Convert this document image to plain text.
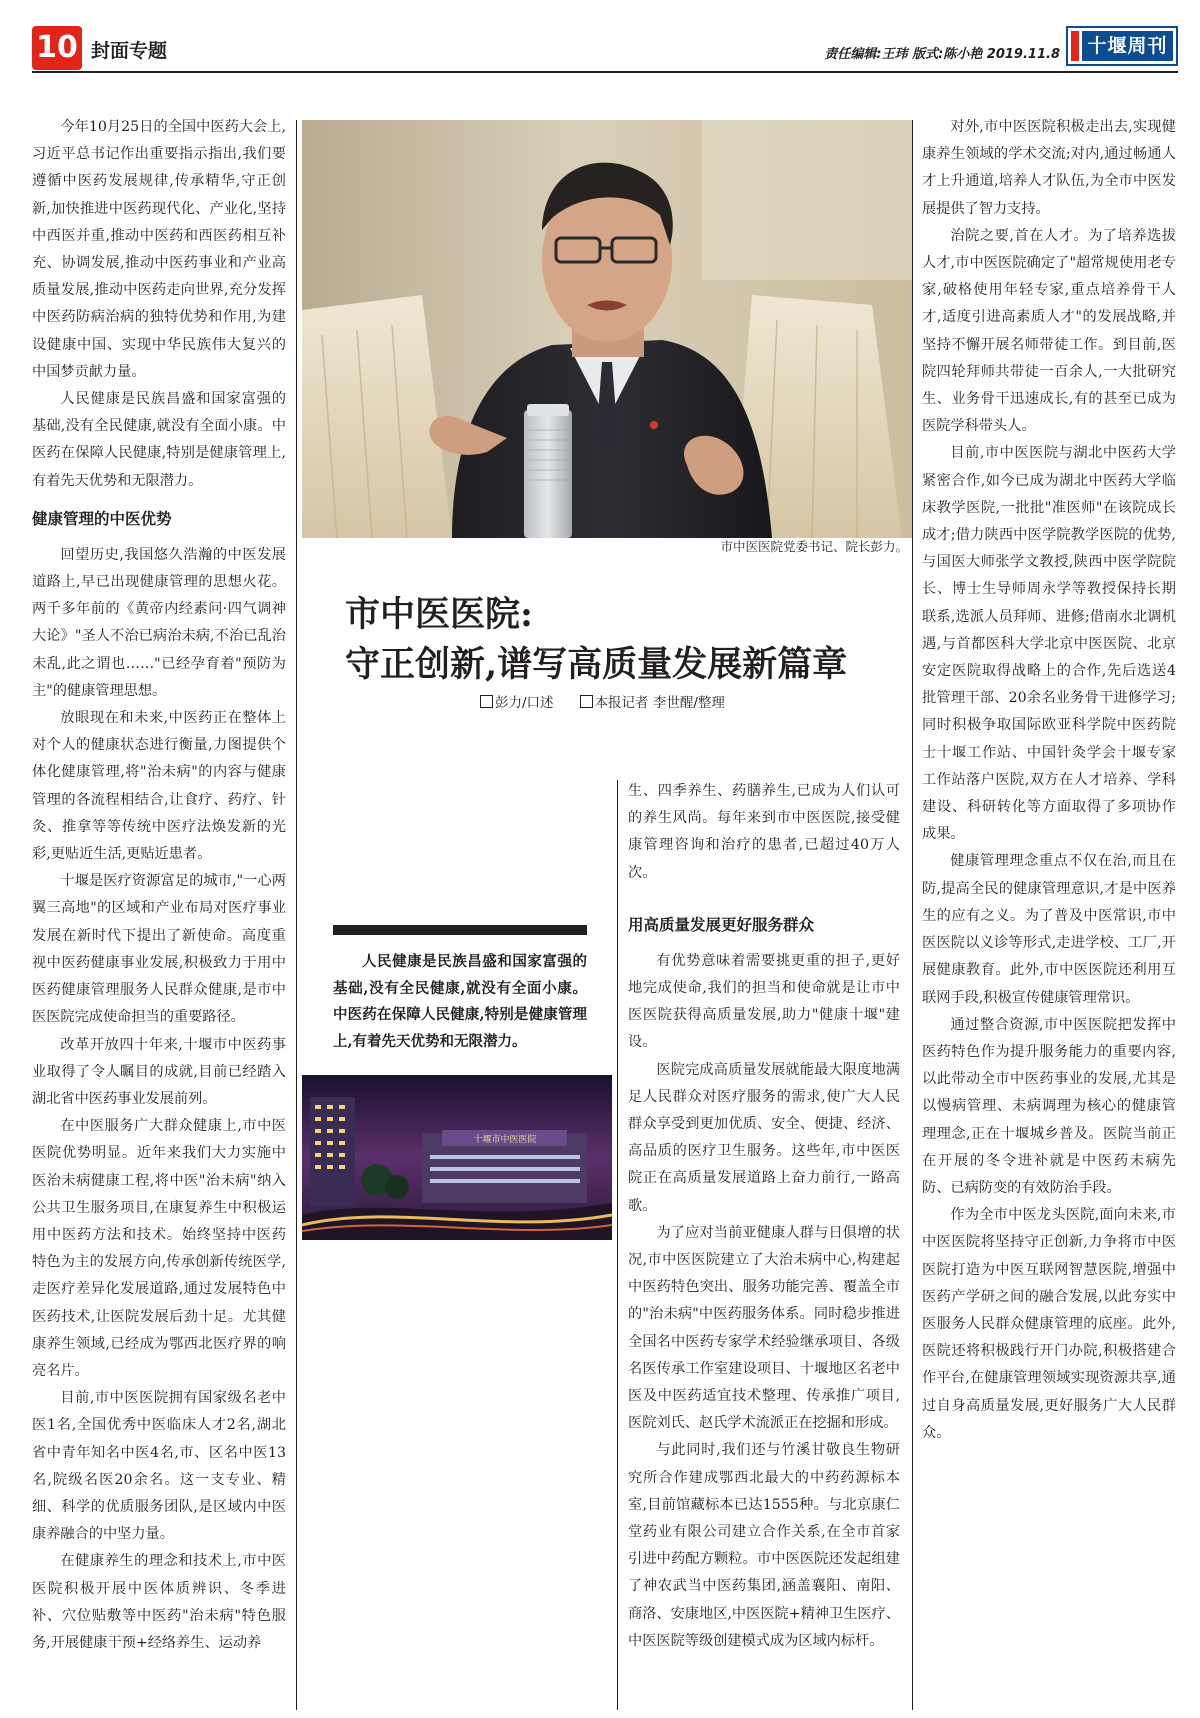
10 封面专题	责任编辑:王玮 版式:陈小艳 2019.11.8 十堰周刊

今年10月25日的全国中医药大会上,习近平总书记作出重要指示指出,我们要遵循中医药发展规律,传承精华,守正创新,加快推进中医药现代化、产业化,坚持中西医并重,推动中医药和西医药相互补充、协调发展,推动中医药事业和产业高质量发展,推动中医药走向世界,充分发挥中医药防病治病的独特优势和作用,为建设健康中国、实现中华民族伟大复兴的中国梦贡献力量。

人民健康是民族昌盛和国家富强的基础,没有全民健康,就没有全面小康。中医药在保障人民健康,特别是健康管理上,有着先天优势和无限潜力。

健康管理的中医优势

回望历史,我国悠久浩瀚的中医发展道路上,早已出现健康管理的思想火花。两千多年前的《黄帝内经素问·四气调神大论》"圣人不治已病治未病,不治已乱治未乱,此之谓也……"已经孕育着"预防为主"的健康管理思想。

放眼现在和未来,中医药正在整体上对个人的健康状态进行衡量,力图提供个体化健康管理,将"治未病"的内容与健康管理的各流程相结合,让食疗、药疗、针灸、推拿等等传统中医疗法焕发新的光彩,更贴近生活,更贴近患者。

十堰是医疗资源富足的城市,"一心两翼三高地"的区域和产业布局对医疗事业发展在新时代下提出了新使命。高度重视中医药健康事业发展,积极致力于用中医药健康管理服务人民群众健康,是市中医医院完成使命担当的重要路径。

改革开放四十年来,十堰市中医药事业取得了令人瞩目的成就,目前已经踏入湖北省中医药事业发展前列。

在中医服务广大群众健康上,市中医医院优势明显。近年来我们大力实施中医治未病健康工程,将中医"治未病"纳入公共卫生服务项目,在康复养生中积极运用中医药方法和技术。始终坚持中医药特色为主的发展方向,传承创新传统医学,走医疗差异化发展道路,通过发展特色中医药技术,让医院发展后劲十足。尤其健康养生领域,已经成为鄂西北医疗界的响亮名片。

目前,市中医医院拥有国家级名老中医1名,全国优秀中医临床人才2名,湖北省中青年知名中医4名,市、区名中医13名,院级名医20余名。这一支专业、精细、科学的优质服务团队,是区域内中医康养融合的中坚力量。

在健康养生的理念和技术上,市中医医院积极开展中医体质辨识、冬季进补、穴位贴敷等中医药"治未病"特色服务,开展健康干预+经络养生、运动养

市中医医院党委书记、院长彭力。
市中医医院:
守正创新,谱写高质量发展新篇章
彭力/口述	本报记者 李世醒/整理
人民健康是民族昌盛和国家富强的基础,没有全民健康,就没有全面小康。中医药在保障人民健康,特别是健康管理上,有着先天优势和无限潜力。
十堰市中医医院

生、四季养生、药膳养生,已成为人们认可的养生风尚。每年来到市中医医院,接受健康管理咨询和治疗的患者,已超过40万人次。

用高质量发展更好服务群众

有优势意味着需要挑更重的担子,更好地完成使命,我们的担当和使命就是让市中医医院获得高质量发展,助力"健康十堰"建设。

医院完成高质量发展就能最大限度地满足人民群众对医疗服务的需求,使广大人民群众享受到更加优质、安全、便捷、经济、高品质的医疗卫生服务。这些年,市中医医院正在高质量发展道路上奋力前行,一路高歌。

为了应对当前亚健康人群与日俱增的状况,市中医医院建立了大治未病中心,构建起中医药特色突出、服务功能完善、覆盖全市的"治未病"中医药服务体系。同时稳步推进全国名中医药专家学术经验继承项目、各级名医传承工作室建设项目、十堰地区名老中医及中医药适宜技术整理、传承推广项目,医院刘氏、赵氏学术流派正在挖掘和形成。

与此同时,我们还与竹溪甘敬良生物研究所合作建成鄂西北最大的中药药源标本室,目前馆藏标本已达1555种。与北京康仁堂药业有限公司建立合作关系,在全市首家引进中药配方颗粒。市中医医院还发起组建了神农武当中医药集团,涵盖襄阳、南阳、商洛、安康地区,中医医院+精神卫生医疗、中医医院等级创建模式成为区域内标杆。

对外,市中医医院积极走出去,实现健康养生领域的学术交流;对内,通过畅通人才上升通道,培养人才队伍,为全市中医发展提供了智力支持。

治院之要,首在人才。为了培养选拔人才,市中医医院确定了"超常规使用老专家,破格使用年轻专家,重点培养骨干人才,适度引进高素质人才"的发展战略,并坚持不懈开展名师带徒工作。到目前,医院四轮拜师共带徒一百余人,一大批研究生、业务骨干迅速成长,有的甚至已成为医院学科带头人。

目前,市中医医院与湖北中医药大学紧密合作,如今已成为湖北中医药大学临床教学医院,一批批"准医师"在该院成长成才;借力陕西中医学院教学医院的优势,与国医大师张学文教授,陕西中医学院院长、博士生导师周永学等教授保持长期联系,选派人员拜师、进修;借南水北调机遇,与首都医科大学北京中医医院、北京安定医院取得战略上的合作,先后选送4批管理干部、20余名业务骨干进修学习;同时积极争取国际欧亚科学院中医药院士十堰工作站、中国针灸学会十堰专家工作站落户医院,双方在人才培养、学科建设、科研转化等方面取得了多项协作成果。

健康管理理念重点不仅在治,而且在防,提高全民的健康管理意识,才是中医养生的应有之义。为了普及中医常识,市中医医院以义诊等形式,走进学校、工厂,开展健康教育。此外,市中医医院还利用互联网手段,积极宣传健康管理常识。

通过整合资源,市中医医院把发挥中医药特色作为提升服务能力的重要内容,以此带动全市中医药事业的发展,尤其是以慢病管理、未病调理为核心的健康管理理念,正在十堰城乡普及。医院当前正在开展的冬令进补就是中医药未病先防、已病防变的有效防治手段。

作为全市中医龙头医院,面向未来,市中医医院将坚持守正创新,力争将市中医医院打造为中医互联网智慧医院,增强中医药产学研之间的融合发展,以此夯实中医服务人民群众健康管理的底座。此外,医院还将积极践行开门办院,积极搭建合作平台,在健康管理领域实现资源共享,通过自身高质量发展,更好服务广大人民群众。
